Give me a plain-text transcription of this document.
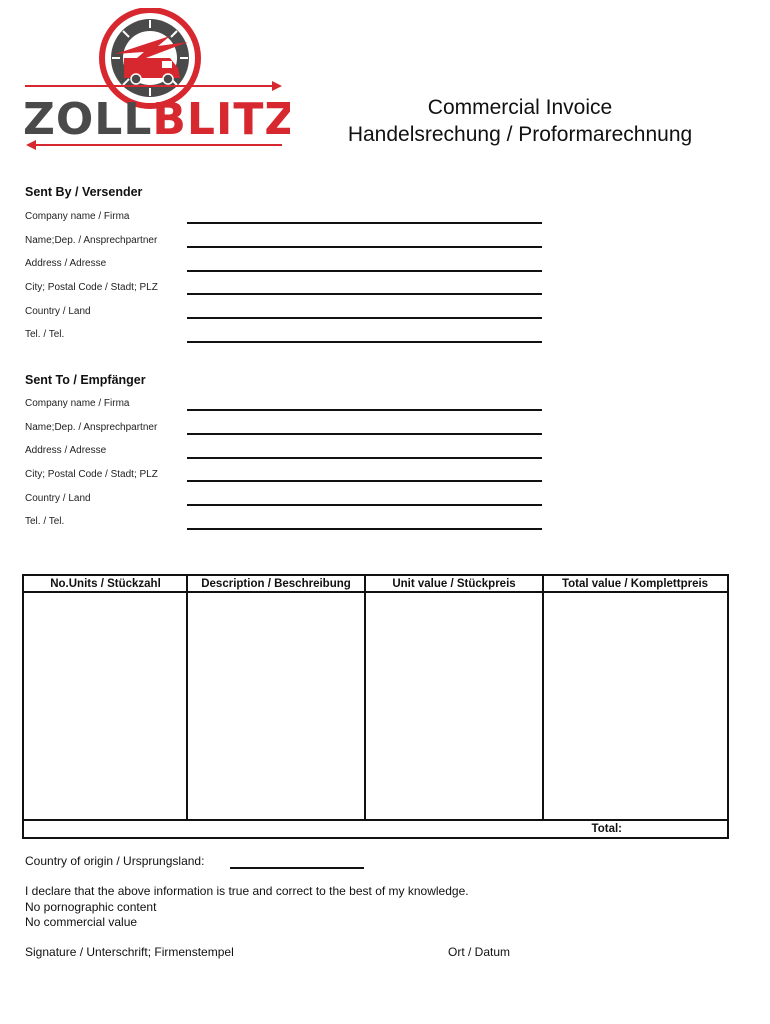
ZOLLBLITZ	Commercial Invoice
Handelsrechung / Proformarechnung
Sent By / Versender
Company name / Firma
Name;Dep. / Ansprechpartner
Address / Adresse
City; Postal Code / Stadt; PLZ
Country / Land
Tel. / Tel.
Sent To / Empfänger
Company name / Firma
Name;Dep. / Ansprechpartner
Address / Adresse
City; Postal Code / Stadt; PLZ
Country / Land
Tel. / Tel.
No.Units / Stückzahl	Description / Beschreibung	Unit value / Stückpreis	Total value / Komplettpreis
Total:
Country of origin / Ursprungsland:
I declare that the above information is true and correct to the best of my knowledge.
No pornographic content
No commercial value
Signature / Unterschrift; Firmenstempel	Ort / Datum
